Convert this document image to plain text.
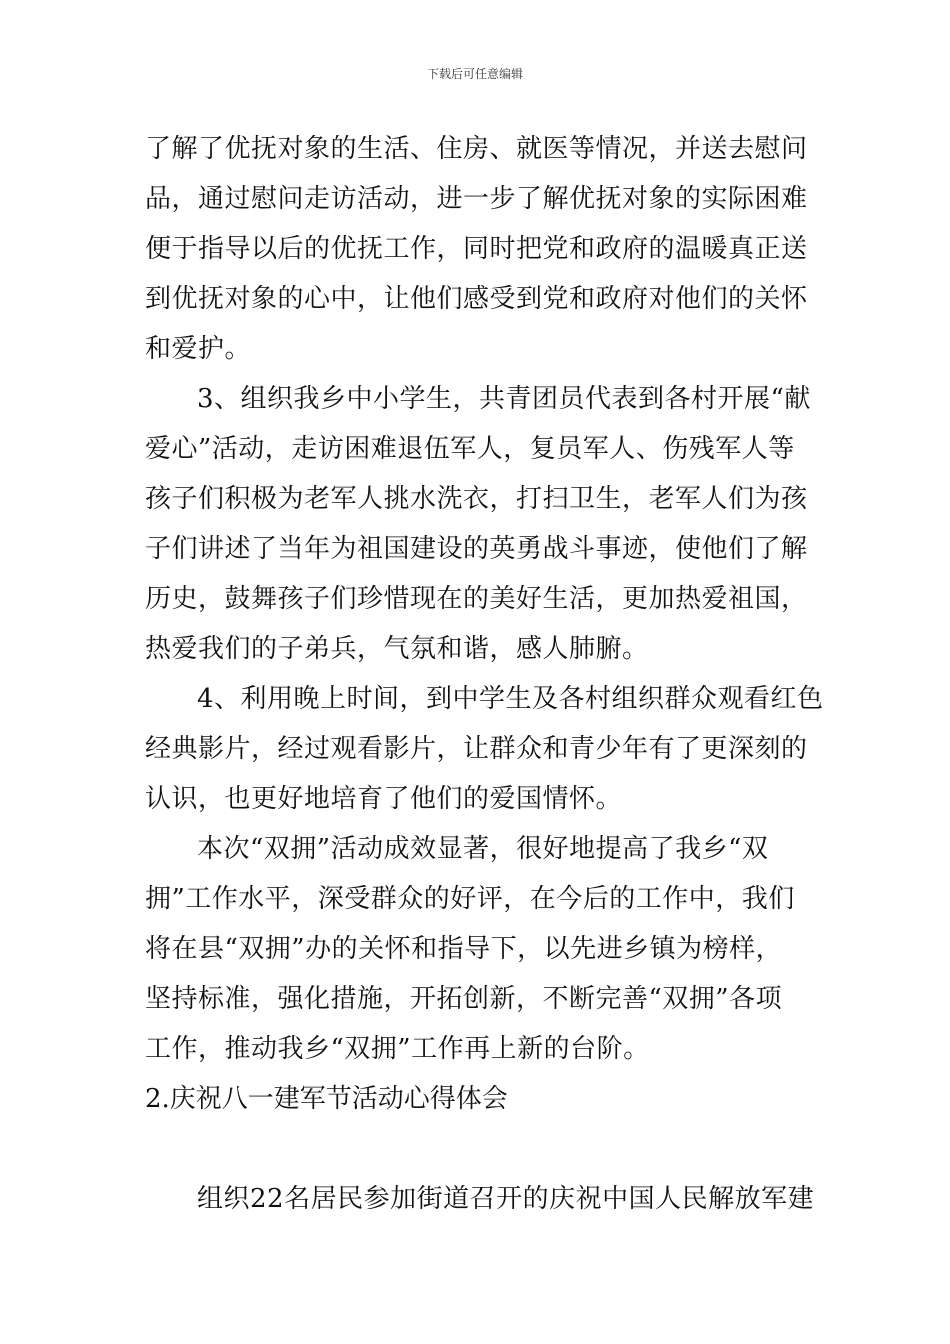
下载后可任意编辑
了解了优抚对象的生活、住房、就医等情况，并送去慰问
品，通过慰问走访活动，进一步了解优抚对象的实际困难
便于指导以后的优抚工作，同时把党和政府的温暖真正送
到优抚对象的心中，让他们感受到党和政府对他们的关怀
和爱护。
3、组织我乡中小学生，共青团员代表到各村开展“献
爱心”活动，走访困难退伍军人，复员军人、伤残军人等
孩子们积极为老军人挑水洗衣，打扫卫生，老军人们为孩
子们讲述了当年为祖国建设的英勇战斗事迹，使他们了解
历史，鼓舞孩子们珍惜现在的美好生活，更加热爱祖国，
热爱我们的子弟兵，气氛和谐，感人肺腑。
4、利用晚上时间，到中学生及各村组织群众观看红色
经典影片，经过观看影片，让群众和青少年有了更深刻的
认识，也更好地培育了他们的爱国情怀。
本次“双拥”活动成效显著，很好地提高了我乡“双
拥”工作水平，深受群众的好评，在今后的工作中，我们
将在县“双拥”办的关怀和指导下，以先进乡镇为榜样，
坚持标准，强化措施，开拓创新，不断完善“双拥”各项
工作，推动我乡“双拥”工作再上新的台阶。
2.庆祝八一建军节活动心得体会
组织22名居民参加街道召开的庆祝中国人民解放军建
